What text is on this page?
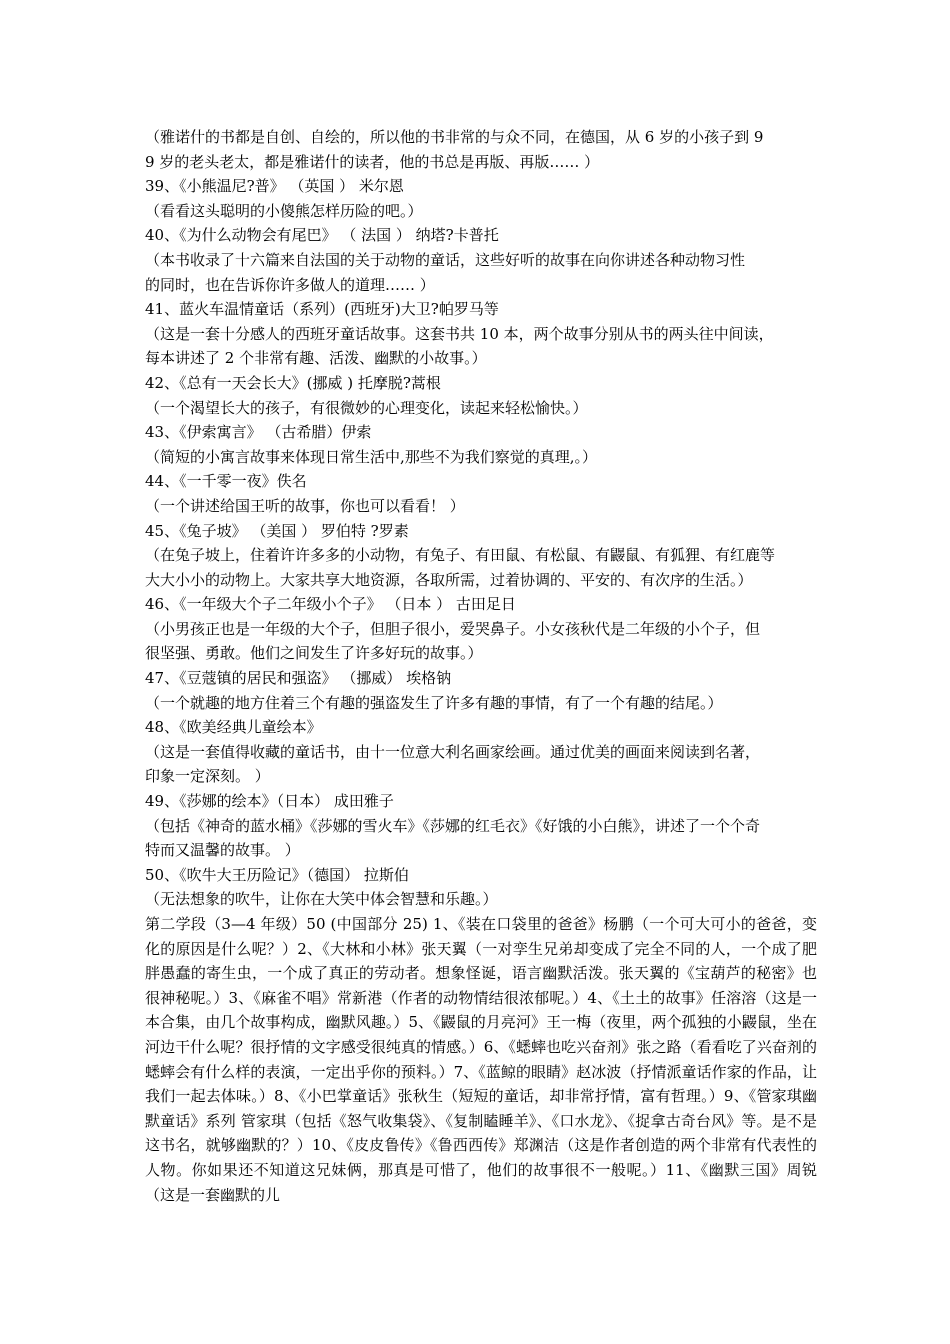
（雅诺什的书都是自创、自绘的，所以他的书非常的与众不同，在德国，从 6 岁的小孩子到 9

9 岁的老头老太，都是雅诺什的读者，他的书总是再版、再版…… ）

39、《小熊温尼?普》 （英国 ） 米尔恩

（看看这头聪明的小傻熊怎样历险的吧。）

40、《为什么动物会有尾巴》 （ 法国 ） 纳塔?卡普托

（本书收录了十六篇来自法国的关于动物的童话，这些好听的故事在向你讲述各种动物习性

的同时，也在告诉你许多做人的道理…… ）

41、蓝火车温情童话（系列）(西班牙)大卫?帕罗马等

（这是一套十分感人的西班牙童话故事。这套书共 10 本，两个故事分别从书的两头往中间读，

每本讲述了 2 个非常有趣、活泼、幽默的小故事。）

42、《总有一天会长大》(挪威 ) 托摩脱?蒿根

（一个渴望长大的孩子，有很微妙的心理变化，读起来轻松愉快。）

43、《伊索寓言》 （古希腊）伊索

（简短的小寓言故事来体现日常生活中,那些不为我们察觉的真理,。）

44、《一千零一夜》佚名

（一个讲述给国王听的故事，你也可以看看！ ）

45、《兔子坡》 （美国 ） 罗伯特 ?罗素

（在兔子坡上，住着许许多多的小动物，有兔子、有田鼠、有松鼠、有鼹鼠、有狐狸、有红鹿等

大大小小的动物上。大家共享大地资源，各取所需，过着协调的、平安的、有次序的生活。）

46、《一年级大个子二年级小个子》 （日本 ） 古田足日

（小男孩正也是一年级的大个子，但胆子很小，爱哭鼻子。小女孩秋代是二年级的小个子，但

很坚强、勇敢。他们之间发生了许多好玩的故事。）

47、《豆蔻镇的居民和强盗》 （挪威） 埃格钠

（一个就趣的地方住着三个有趣的强盗发生了许多有趣的事情，有了一个有趣的结尾。）

48、《欧美经典儿童绘本》

（这是一套值得收藏的童话书，由十一位意大利名画家绘画。通过优美的画面来阅读到名著，

印象一定深刻。 ）

49、《莎娜的绘本》（日本） 成田雅子

（包括《神奇的蓝水桶》《莎娜的雪火车》《莎娜的红毛衣》《好饿的小白熊》，讲述了一个个奇

特而又温馨的故事。 ）

50、《吹牛大王历险记》（德国） 拉斯伯

（无法想象的吹牛，让你在大笑中体会智慧和乐趣。）

第二学段（3—4 年级）50 (中国部分 25) 1、《装在口袋里的爸爸》杨鹏（一个可大可小的爸爸，变化的原因是什么呢？）2、《大林和小林》张天翼（一对孪生兄弟却变成了完全不同的人，一个成了肥胖愚蠢的寄生虫，一个成了真正的劳动者。想象怪诞，语言幽默活泼。张天翼的《宝葫芦的秘密》也很神秘呢。）3、《麻雀不唱》常新港（作者的动物情结很浓郁呢。）4、《土土的故事》任溶溶（这是一本合集，由几个故事构成，幽默风趣。）5、《鼹鼠的月亮河》王一梅（夜里，两个孤独的小鼹鼠，坐在河边干什么呢？很抒情的文字感受很纯真的情感。）6、《蟋蟀也吃兴奋剂》张之路（看看吃了兴奋剂的蟋蟀会有什么样的表演，一定出乎你的预料。）7、《蓝鲸的眼睛》赵冰波（抒情派童话作家的作品，让我们一起去体味。）8、《小巴掌童话》张秋生（短短的童话，却非常抒情，富有哲理。）9、《管家琪幽默童话》系列 管家琪（包括《怒气收集袋》、《复制瞌睡羊》、《口水龙》、《捉拿古奇台风》等。是不是这书名，就够幽默的？）10、《皮皮鲁传》《鲁西西传》郑渊洁（这是作者创造的两个非常有代表性的人物。你如果还不知道这兄妹俩，那真是可惜了，他们的故事很不一般呢。）11、《幽默三国》周锐（这是一套幽默的儿
